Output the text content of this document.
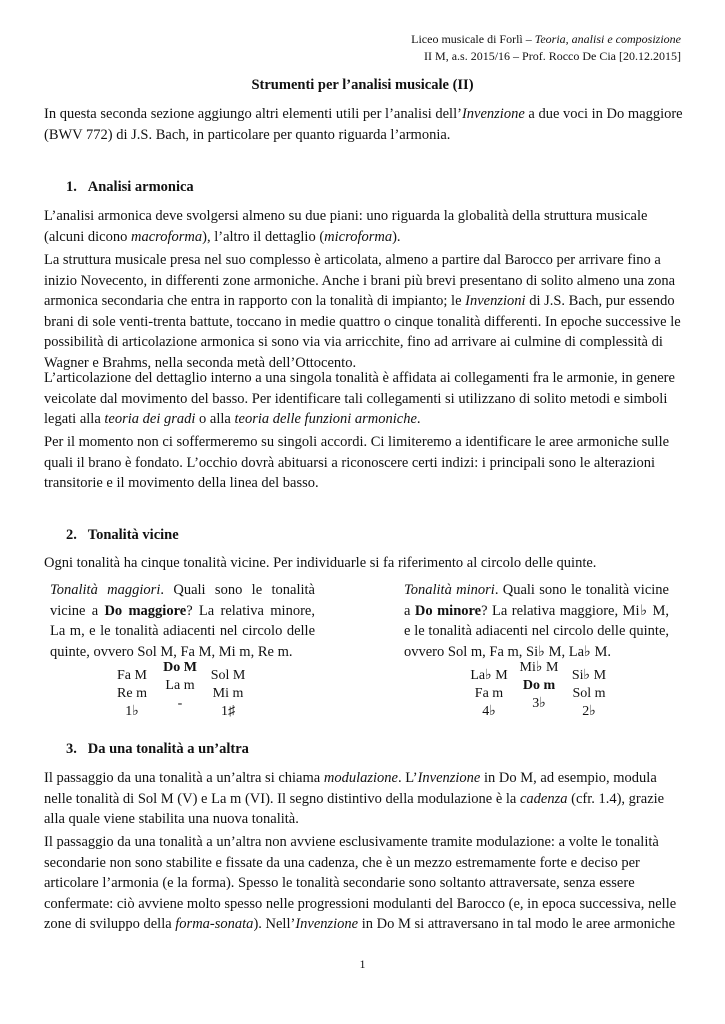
Liceo musicale di Forlì – Teoria, analisi e composizione
II M, a.s. 2015/16 – Prof. Rocco De Cia [20.12.2015]
Strumenti per l’analisi musicale (II)
In questa seconda sezione aggiungo altri elementi utili per l’analisi dell’Invenzione a due voci in Do maggiore (BWV 772) di J.S. Bach, in particolare per quanto riguarda l’armonia.
1.   Analisi armonica
L’analisi armonica deve svolgersi almeno su due piani: uno riguarda la globalità della struttura musicale (alcuni dicono macroforma), l’altro il dettaglio (microforma).
La struttura musicale presa nel suo complesso è articolata, almeno a partire dal Barocco per arrivare fino a inizio Novecento, in differenti zone armoniche. Anche i brani più brevi presentano di solito almeno una zona armonica secondaria che entra in rapporto con la tonalità di impianto; le Invenzioni di J.S. Bach, pur essendo brani di sole venti-trenta battute, toccano in medie quattro o cinque tonalità differenti. In epoche successive le possibilità di articolazione armonica si sono via via arricchite, fino ad arrivare ai culmine di complessità di Wagner e Brahms, nella seconda metà dell’Ottocento.
L’articolazione del dettaglio interno a una singola tonalità è affidata ai collegamenti fra le armonie, in genere veicolate dal movimento del basso. Per identificare tali collegamenti si utilizzano di solito metodi e simboli legati alla teoria dei gradi o alla teoria delle funzioni armoniche.
Per il momento non ci soffermeremo su singoli accordi. Ci limiteremo a identificare le aree armoniche sulle quali il brano è fondato. L’occhio dovrà abituarsi a riconoscere certi indizi: i principali sono le alterazioni transitorie e il movimento della linea del basso.
2.   Tonalità vicine
Ogni tonalità ha cinque tonalità vicine. Per individuarle si fa riferimento al circolo delle quinte.
Tonalità maggiori. Quali sono le tonalità vicine a Do maggiore? La relativa minore, La m, e le tonalità adiacenti nel circolo delle quinte, ovvero Sol M, Fa M, Mi m, Re m.
Tonalità minori. Quali sono le tonalità vicine a Do minore? La relativa maggiore, Mi♭ M, e le tonalità adiacenti nel circolo delle quinte, ovvero Sol m, Fa m, Si♭ M, La♭ M.
Fa M
Re m
1♭
Do M
La m
-
Sol M
Mi m
1♯
La♭ M
Fa m
4♭
Mi♭ M
Do m
3♭
Si♭ M
Sol m
2♭
3.   Da una tonalità a un’altra
Il passaggio da una tonalità a un’altra si chiama modulazione. L’Invenzione in Do M, ad esempio, modula nelle tonalità di Sol M (V) e La m (VI). Il segno distintivo della modulazione è la cadenza (cfr. 1.4), grazie alla quale viene stabilita una nuova tonalità.
Il passaggio da una tonalità a un’altra non avviene esclusivamente tramite modulazione: a volte le tonalità secondarie non sono stabilite e fissate da una cadenza, che è un mezzo estremamente forte e deciso per articolare l’armonia (e la forma). Spesso le tonalità secondarie sono soltanto attraversate, senza essere confermate: ciò avviene molto spesso nelle progressioni modulanti del Barocco (e, in epoca successiva, nelle zone di sviluppo della forma-sonata). Nell’Invenzione in Do M si attraversano in tal modo le aree armoniche
1
